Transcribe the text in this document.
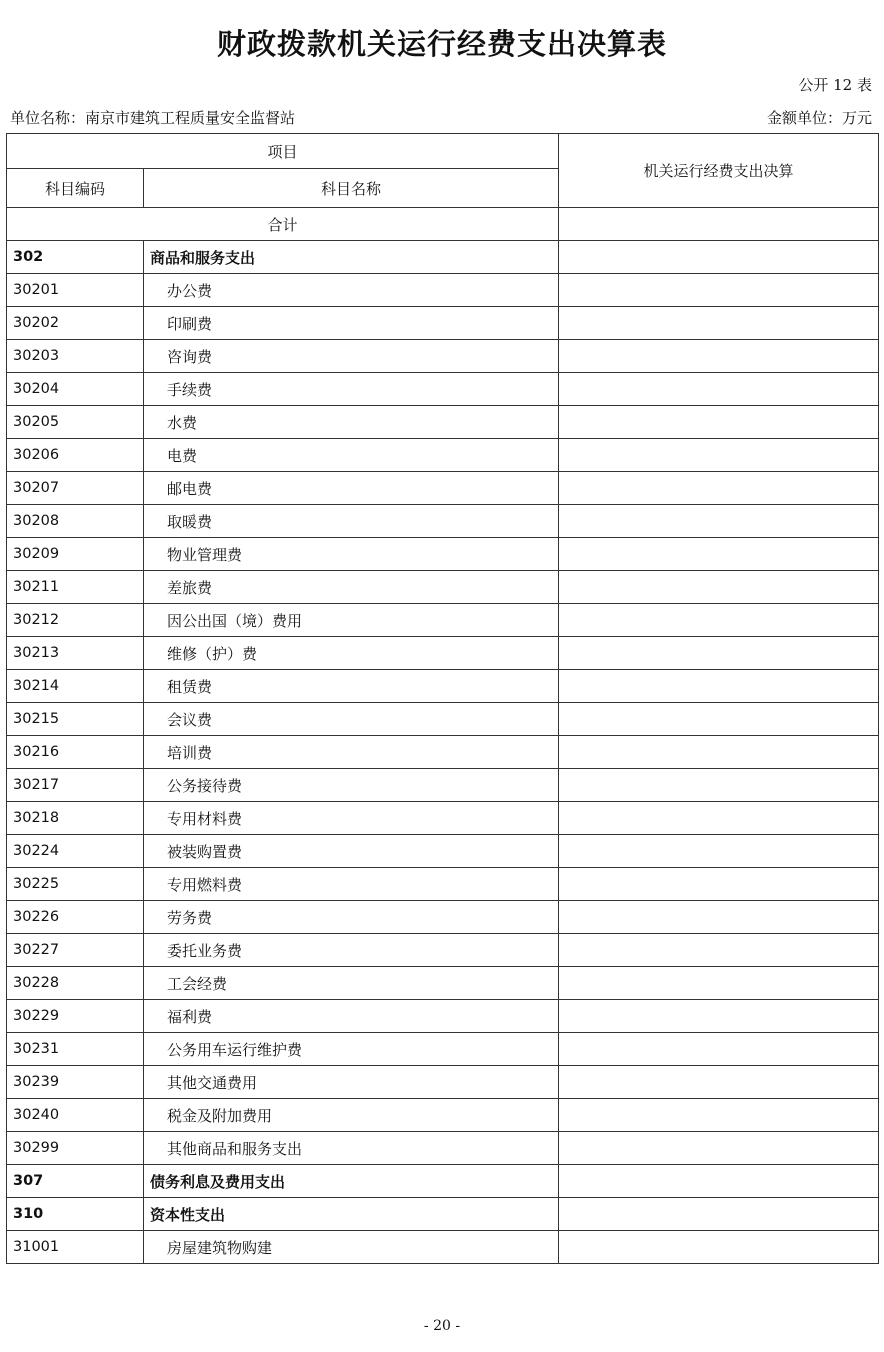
财政拨款机关运行经费支出决算表
公开 12 表
单位名称：南京市建筑工程质量安全监督站	金额单位：万元
项目		机关运行经费支出决算
科目编码	科目名称	
合计		
302	商品和服务支出	
30201	办公费	
30202	印刷费	
30203	咨询费	
30204	手续费	
30205	水费	
30206	电费	
30207	邮电费	
30208	取暖费	
30209	物业管理费	
30211	差旅费	
30212	因公出国（境）费用	
30213	维修（护）费	
30214	租赁费	
30215	会议费	
30216	培训费	
30217	公务接待费	
30218	专用材料费	
30224	被装购置费	
30225	专用燃料费	
30226	劳务费	
30227	委托业务费	
30228	工会经费	
30229	福利费	
30231	公务用车运行维护费	
30239	其他交通费用	
30240	税金及附加费用	
30299	其他商品和服务支出	
307	债务利息及费用支出	
310	资本性支出	
31001	房屋建筑物购建	
- 20 -
